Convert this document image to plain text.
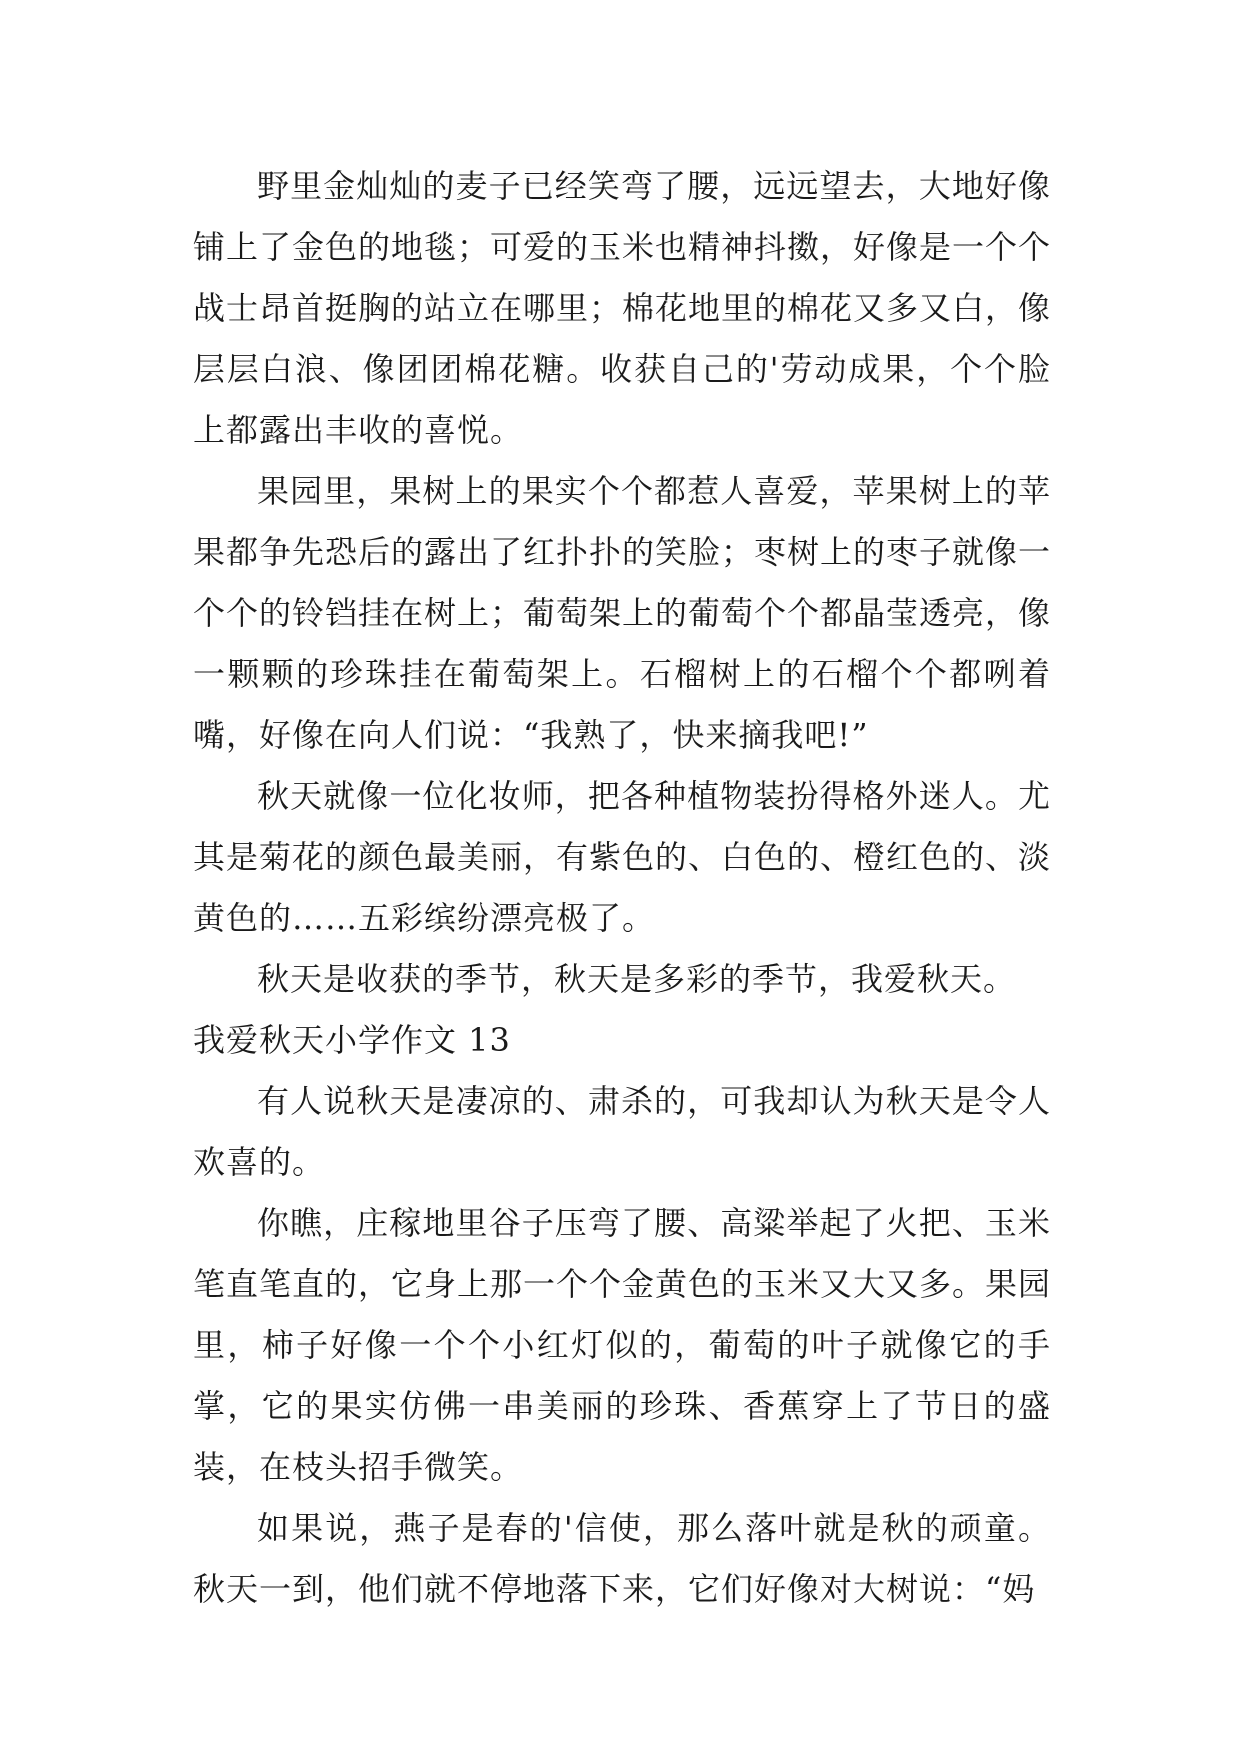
野里金灿灿的麦子已经笑弯了腰，远远望去，大地好像铺上了金色的地毯；可爱的玉米也精神抖擞，好像是一个个战士昂首挺胸的站立在哪里；棉花地里的棉花又多又白，像层层白浪、像团团棉花糖。收获自己的'劳动成果，个个脸上都露出丰收的喜悦。

果园里，果树上的果实个个都惹人喜爱，苹果树上的苹果都争先恐后的露出了红扑扑的笑脸；枣树上的枣子就像一个个的铃铛挂在树上；葡萄架上的葡萄个个都晶莹透亮，像一颗颗的珍珠挂在葡萄架上。石榴树上的石榴个个都咧着嘴，好像在向人们说：“我熟了，快来摘我吧!”

秋天就像一位化妆师，把各种植物装扮得格外迷人。尤其是菊花的颜色最美丽，有紫色的、白色的、橙红色的、淡黄色的……五彩缤纷漂亮极了。

秋天是收获的季节，秋天是多彩的季节，我爱秋天。

我爱秋天小学作文 13

有人说秋天是凄凉的、肃杀的，可我却认为秋天是令人欢喜的。

你瞧，庄稼地里谷子压弯了腰、高粱举起了火把、玉米笔直笔直的，它身上那一个个金黄色的玉米又大又多。果园里，柿子好像一个个小红灯似的，葡萄的叶子就像它的手掌，它的果实仿佛一串美丽的珍珠、香蕉穿上了节日的盛装，在枝头招手微笑。

如果说，燕子是春的'信使，那么落叶就是秋的顽童。秋天一到，他们就不停地落下来，它们好像对大树说：“妈
